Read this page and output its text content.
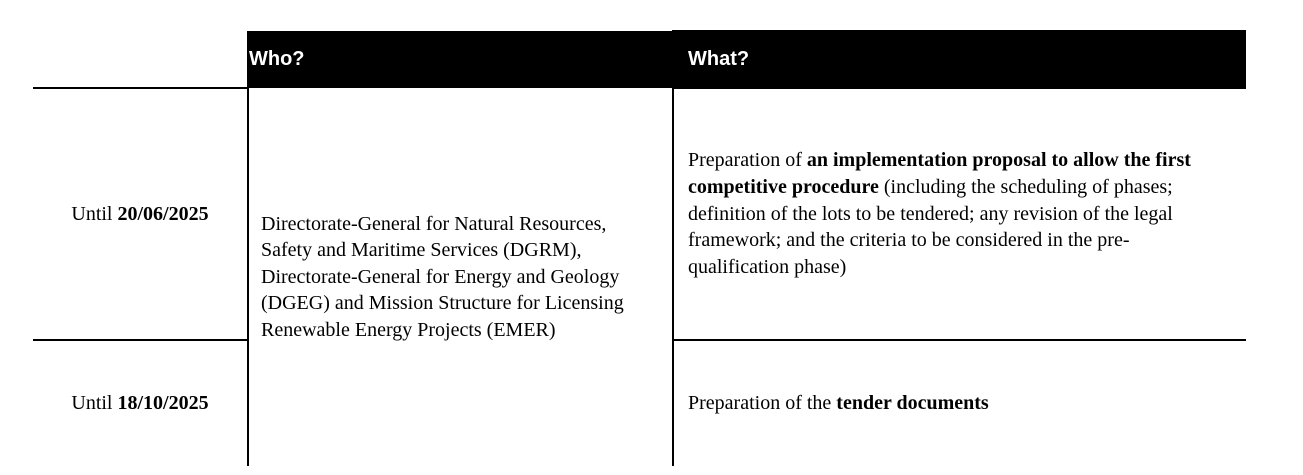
	Who?	What?
Until 20/06/2025	Directorate-General for Natural Resources, Safety and Maritime Services (DGRM), Directorate-General for Energy and Geology (DGEG) and Mission Structure for Licensing Renewable Energy Projects (EMER)	Preparation of an implementation proposal to allow the first competitive procedure (including the scheduling of phases; definition of the lots to be tendered; any revision of the legal framework; and the criteria to be considered in the pre-qualification phase)
Until 18/10/2025		Preparation of the tender documents
